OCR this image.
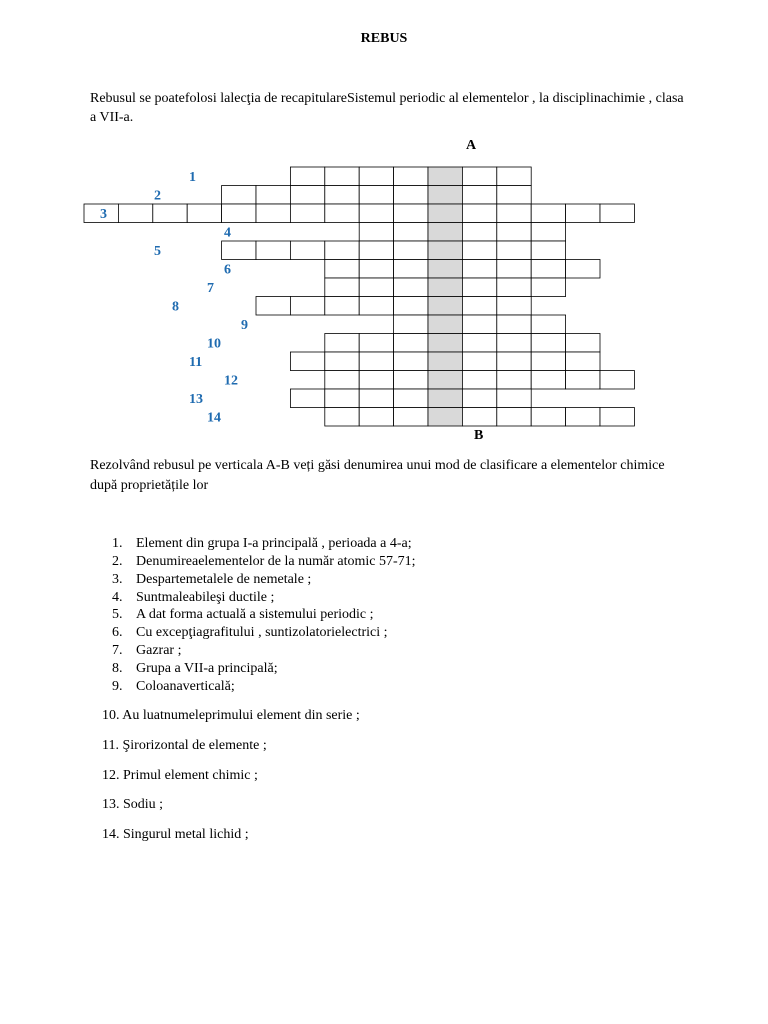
REBUS
Rebusul se poatefolosi lalecţia de recapitulareSistemul periodic al elementelor , la disciplinachimie , clasa a VII-a.
A
1
2
3
4
5
6
7
8
9
10
11
12
13
14
B
Rezolvând rebusul pe verticala A-B veți găsi denumirea unui mod de clasificare a elementelor chimice după proprietățile lor
1. Element din grupa I-a principală , perioada a 4-a;
2. Denumireaelementelor de la număr atomic 57-71;
3. Despartemetalele de nemetale ;
4. Suntmaleabileşi ductile ;
5. A dat forma actuală a sistemului periodic ;
6. Cu excepţiagrafitului , suntizolatorielectrici ;
7. Gazrar ;
8. Grupa a VII-a principală;
9. Coloanaverticală;
10. Au luatnumeleprimului element din serie ;
11. Şirorizontal de elemente ;
12. Primul element chimic ;
13. Sodiu ;
14. Singurul metal lichid ;
